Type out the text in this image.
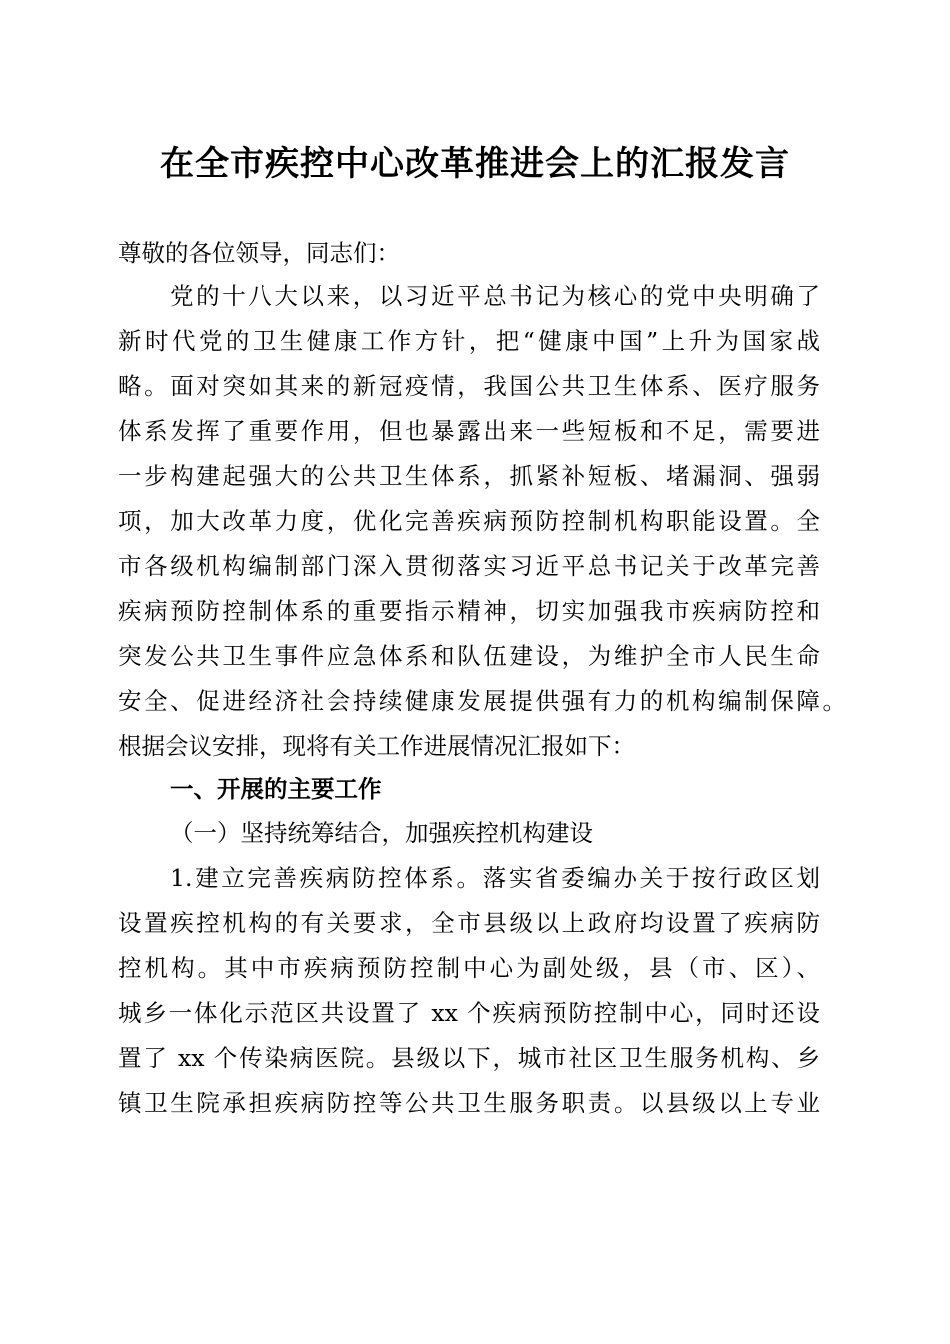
在全市疾控中心改革推进会上的汇报发言
尊敬的各位领导，同志们：
党的十八大以来，以习近平总书记为核心的党中央明确了
新时代党的卫生健康工作方针，把“健康中国”上升为国家战
略。面对突如其来的新冠疫情，我国公共卫生体系、医疗服务
体系发挥了重要作用，但也暴露出来一些短板和不足，需要进
一步构建起强大的公共卫生体系，抓紧补短板、堵漏洞、强弱
项，加大改革力度，优化完善疾病预防控制机构职能设置。全
市各级机构编制部门深入贯彻落实习近平总书记关于改革完善
疾病预防控制体系的重要指示精神，切实加强我市疾病防控和
突发公共卫生事件应急体系和队伍建设，为维护全市人民生命
安全、促进经济社会持续健康发展提供强有力的机构编制保障。
根据会议安排，现将有关工作进展情况汇报如下：
一、开展的主要工作
（一）坚持统筹结合，加强疾控机构建设
1.建立完善疾病防控体系。落实省委编办关于按行政区划
设置疾控机构的有关要求，全市县级以上政府均设置了疾病防
控机构。其中市疾病预防控制中心为副处级，县（市、区）、
城乡一体化示范区共设置了 xx 个疾病预防控制中心，同时还设
置了 xx 个传染病医院。县级以下，城市社区卫生服务机构、乡
镇卫生院承担疾病防控等公共卫生服务职责。以县级以上专业
